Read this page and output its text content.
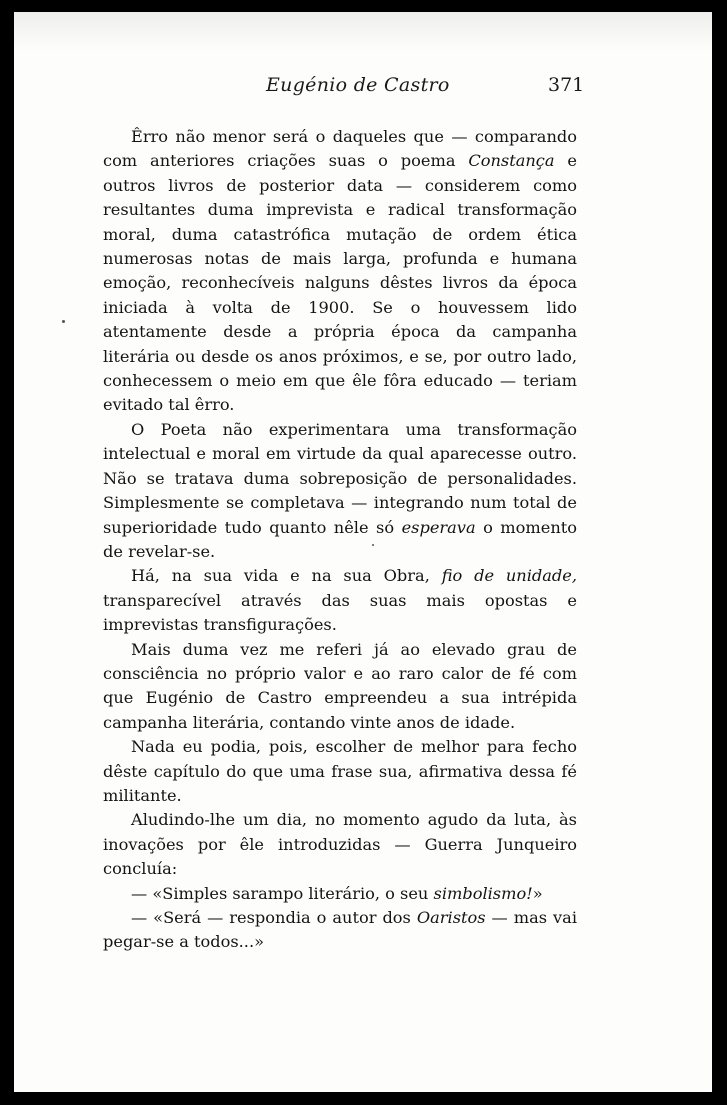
Eugénio de Castro	371

Êrro não menor será o daqueles que — comparando com anteriores criações suas o poema Constança e outros livros de posterior data — considerem como resultantes duma imprevista e radical transformação moral, duma catastrófica mutação de ordem ética numerosas notas de mais larga, profunda e humana emoção, reconhecíveis nalguns dêstes livros da época iniciada à volta de 1900. Se o houvessem lido atentamente desde a própria época da campanha literária ou desde os anos próximos, e se, por outro lado, conhecessem o meio em que êle fôra educado — teriam evitado tal êrro.

O Poeta não experimentara uma transformação intelectual e moral em virtude da qual aparecesse outro. Não se tratava duma sobreposição de personalidades. Simplesmente se completava — integrando num total de superioridade tudo quanto nêle só esperava o momento de revelar-se.

Há, na sua vida e na sua Obra, fio de unidade, transparecível através das suas mais opostas e imprevistas transfigurações.

Mais duma vez me referi já ao elevado grau de consciência no próprio valor e ao raro calor de fé com que Eugénio de Castro empreendeu a sua intrépida campanha literária, contando vinte anos de idade.

Nada eu podia, pois, escolher de melhor para fecho dêste capítulo do que uma frase sua, afirmativa dessa fé militante.

Aludindo-lhe um dia, no momento agudo da luta, às inovações por êle introduzidas — Guerra Junqueiro concluía:

— «Simples sarampo literário, o seu simbolismo!»

— «Será — respondia o autor dos Oaristos — mas vai pegar-se a todos...»
